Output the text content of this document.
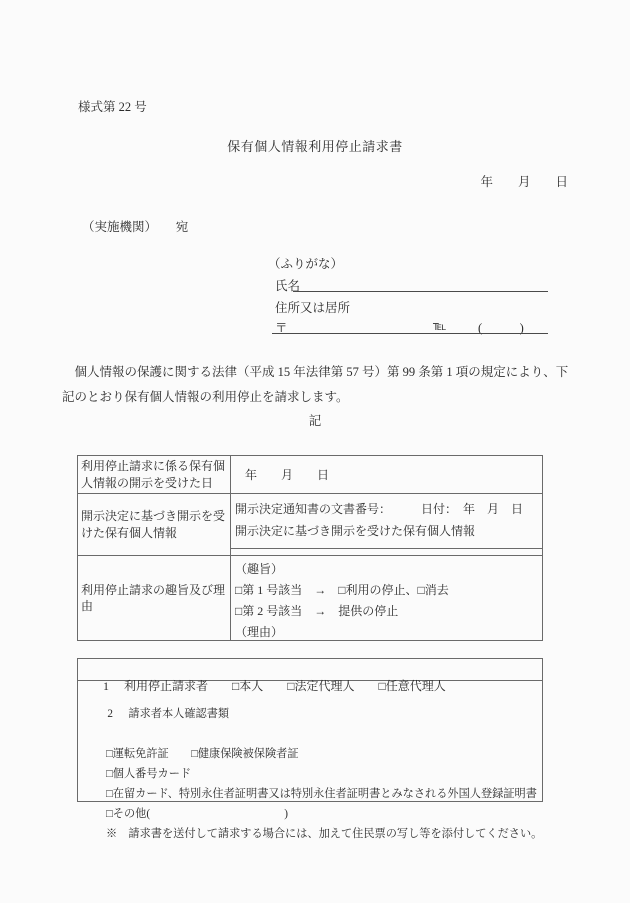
様式第 22 号
保有個人情報利用停止請求書
年　　月　　日
（実施機関）　　宛
（ふりがな）
氏名
住所又は居所
〒	℡	(　　　)
　個人情報の保護に関する法律（平成 15 年法律第 57 号）第 99 条第 1 項の規定により、下
記のとおり保有個人情報の利用停止を請求します。
記
利用停止請求に係る保有個
人情報の開示を受けた日
年　　月　　日
開示決定に基づき開示を受
けた保有個人情報
開示決定通知書の文書番号：　　　日付：　年　月　日
開示決定に基づき開示を受けた保有個人情報
利用停止請求の趣旨及び理
由
（趣旨）
□第 1 号該当　→　□利用の停止、□消去
□第 2 号該当　→　提供の停止
（理由）

1 利用停止請求者　　□本人　　□法定代理人　　□任意代理人

2 請求者本人確認書類

□運転免許証　　□健康保険被保険者証
□個人番号カード
□在留カード、特別永住者証明書又は特別永住者証明書とみなされる外国人登録証明書
□その他(　　　　　　　　　　　　)
※　請求書を送付して請求する場合には、加えて住民票の写し等を添付してください。
